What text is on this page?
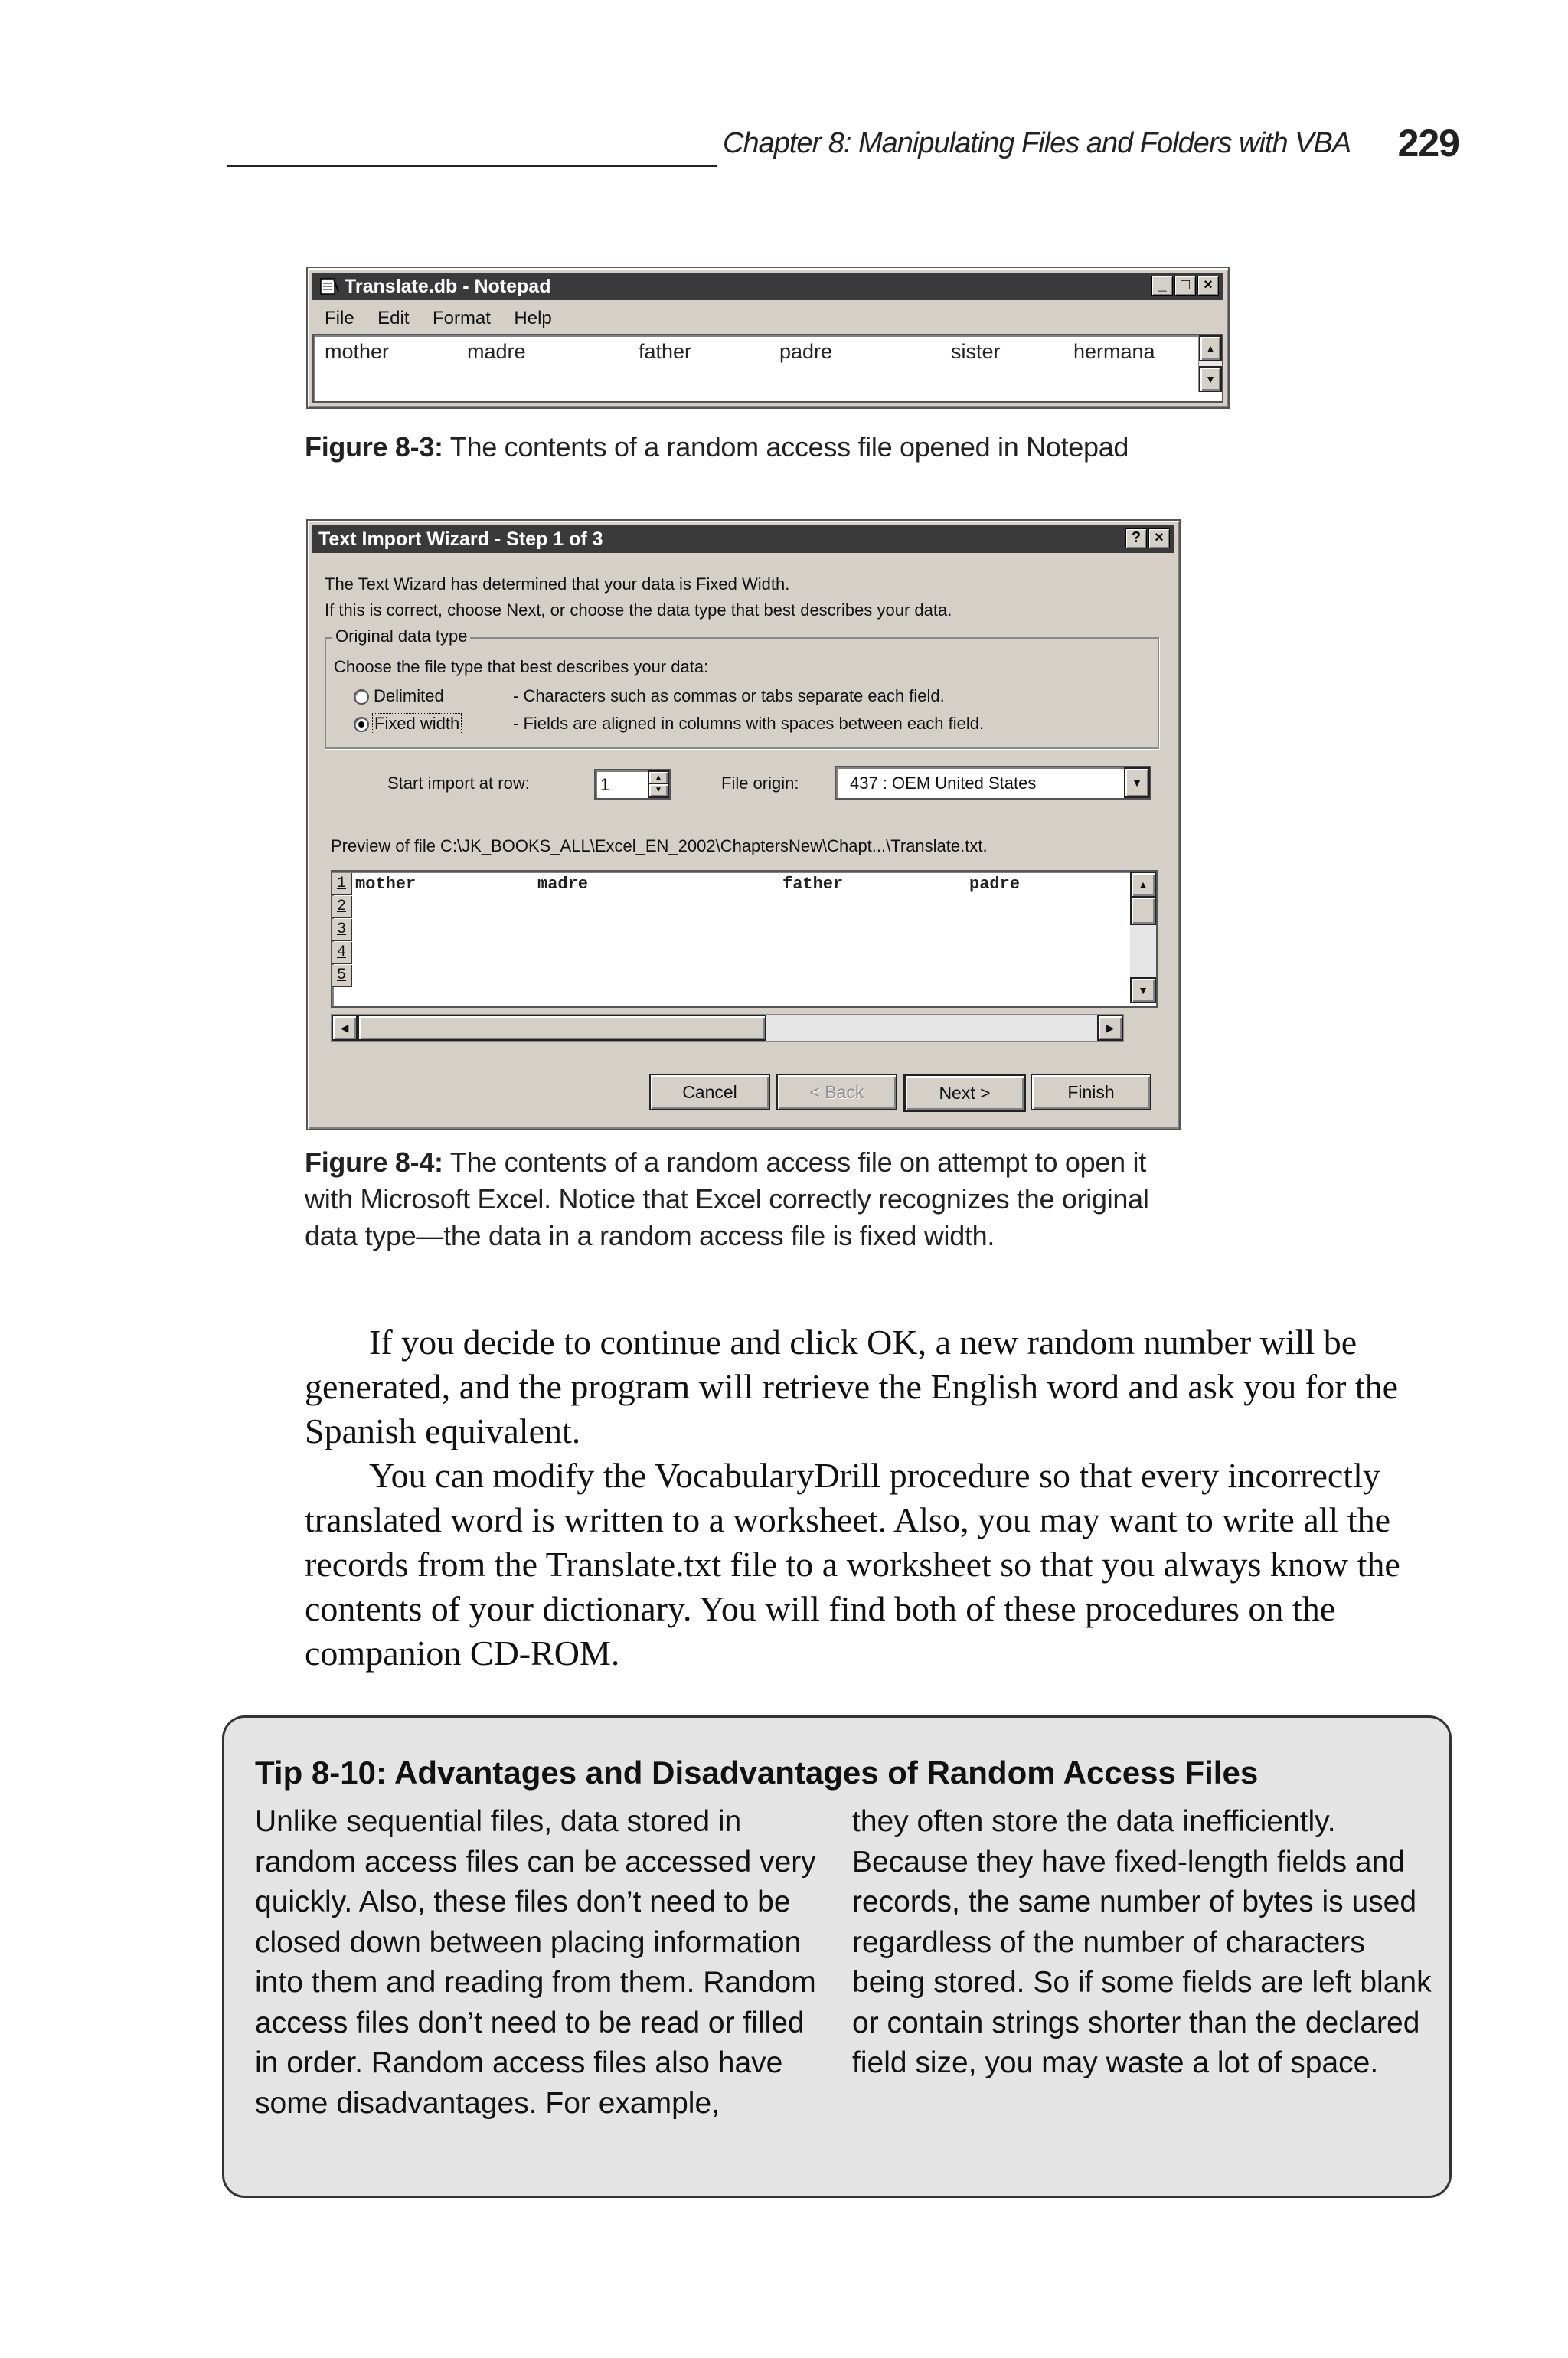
Chapter 8: Manipulating Files and Folders with VBA 229
Translate.db - Notepad	_ □ ×
File Edit Format Help
mother	madre	father	padre	sister	hermana	▲
▼
Figure 8-3: The contents of a random access file opened in Notepad
Text Import Wizard - Step 1 of 3	? ×
The Text Wizard has determined that your data is Fixed Width.
If this is correct, choose Next, or choose the data type that best describes your data.
Original data type
Choose the file type that best describes your data:
Delimited	- Characters such as commas or tabs separate each field.
Fixed width	- Fields are aligned in columns with spaces between each field.
Start import at row:	1	▲
▼	File origin:	437 : OEM United States	▼
Preview of file C:\JK_BOOKS_ALL\Excel_EN_2002\ChaptersNew\Chapt...\Translate.txt.
1
2
3
4
5
mother	madre	father	padre	▲
▼
◀	▶
Cancel	< Back	Next >	Finish
Figure 8-4: The contents of a random access file on attempt to open it with Microsoft Excel. Notice that Excel correctly recognizes the original data type—the data in a random access file is fixed width.

If you decide to continue and click OK, a new random number will be generated, and the program will retrieve the English word and ask you for the Spanish equivalent.

You can modify the VocabularyDrill procedure so that every incorrectly translated word is written to a worksheet. Also, you may want to write all the records from the Translate.txt file to a worksheet so that you always know the contents of your dictionary. You will find both of these procedures on the companion CD-ROM.

Tip 8-10: Advantages and Disadvantages of Random Access Files
Unlike sequential files, data stored in random access files can be accessed very quickly. Also, these files don’t need to be closed down between placing information into them and reading from them. Random access files don’t need to be read or filled in order. Random access files also have some disadvantages. For example,
they often store the data inefficiently. Because they have fixed-length fields and records, the same number of bytes is used regardless of the number of characters being stored. So if some fields are left blank or contain strings shorter than the declared field size, you may waste a lot of space.
